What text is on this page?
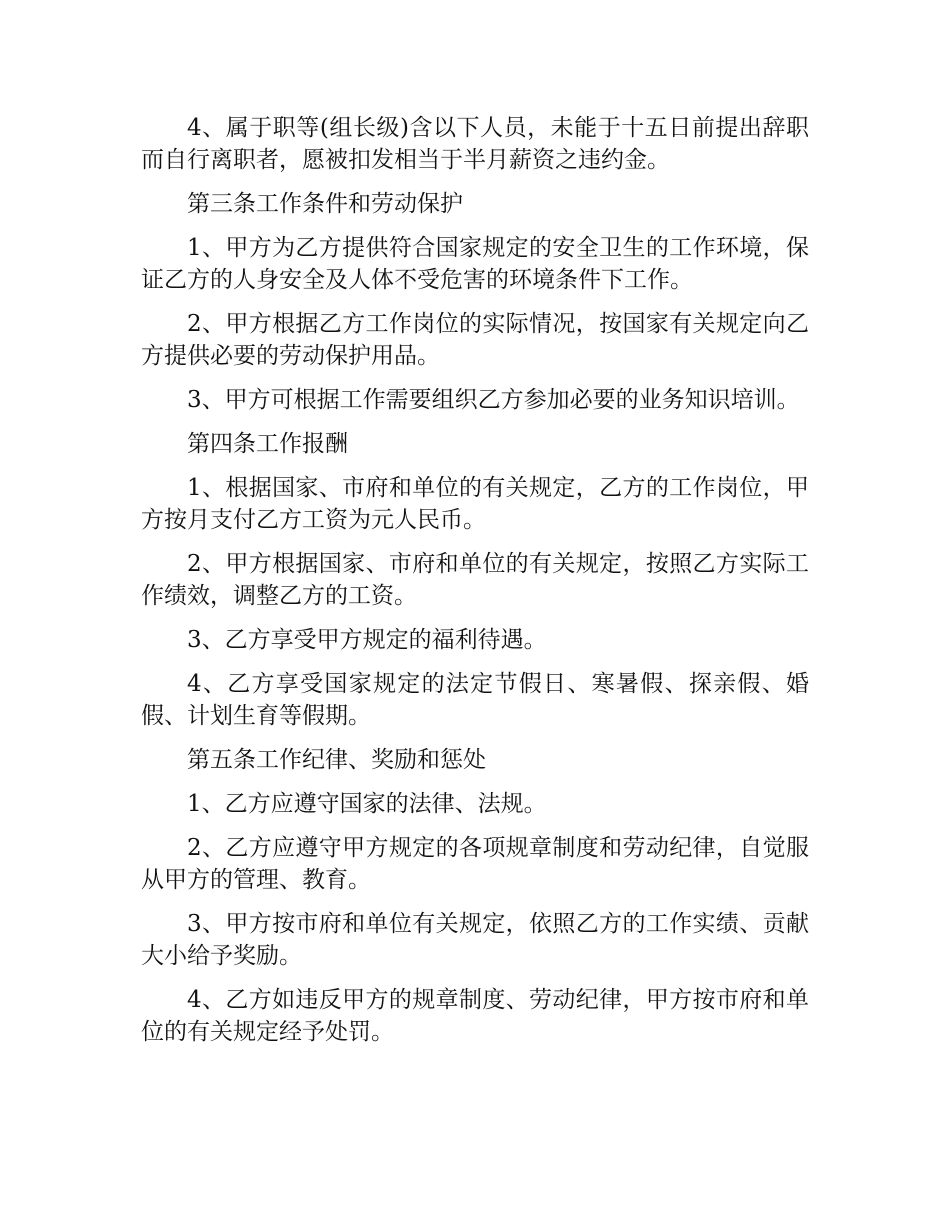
4、属于职等(组长级)含以下人员，未能于十五日前提出辞职而自行离职者，愿被扣发相当于半月薪资之违约金。

第三条工作条件和劳动保护

1、甲方为乙方提供符合国家规定的安全卫生的工作环境，保证乙方的人身安全及人体不受危害的环境条件下工作。

2、甲方根据乙方工作岗位的实际情况，按国家有关规定向乙方提供必要的劳动保护用品。

3、甲方可根据工作需要组织乙方参加必要的业务知识培训。

第四条工作报酬

1、根据国家、市府和单位的有关规定，乙方的工作岗位，甲方按月支付乙方工资为元人民币。

2、甲方根据国家、市府和单位的有关规定，按照乙方实际工作绩效，调整乙方的工资。

3、乙方享受甲方规定的福利待遇。

4、乙方享受国家规定的法定节假日、寒暑假、探亲假、婚假、计划生育等假期。

第五条工作纪律、奖励和惩处

1、乙方应遵守国家的法律、法规。

2、乙方应遵守甲方规定的各项规章制度和劳动纪律，自觉服从甲方的管理、教育。

3、甲方按市府和单位有关规定，依照乙方的工作实绩、贡献大小给予奖励。

4、乙方如违反甲方的规章制度、劳动纪律，甲方按市府和单位的有关规定经予处罚。
